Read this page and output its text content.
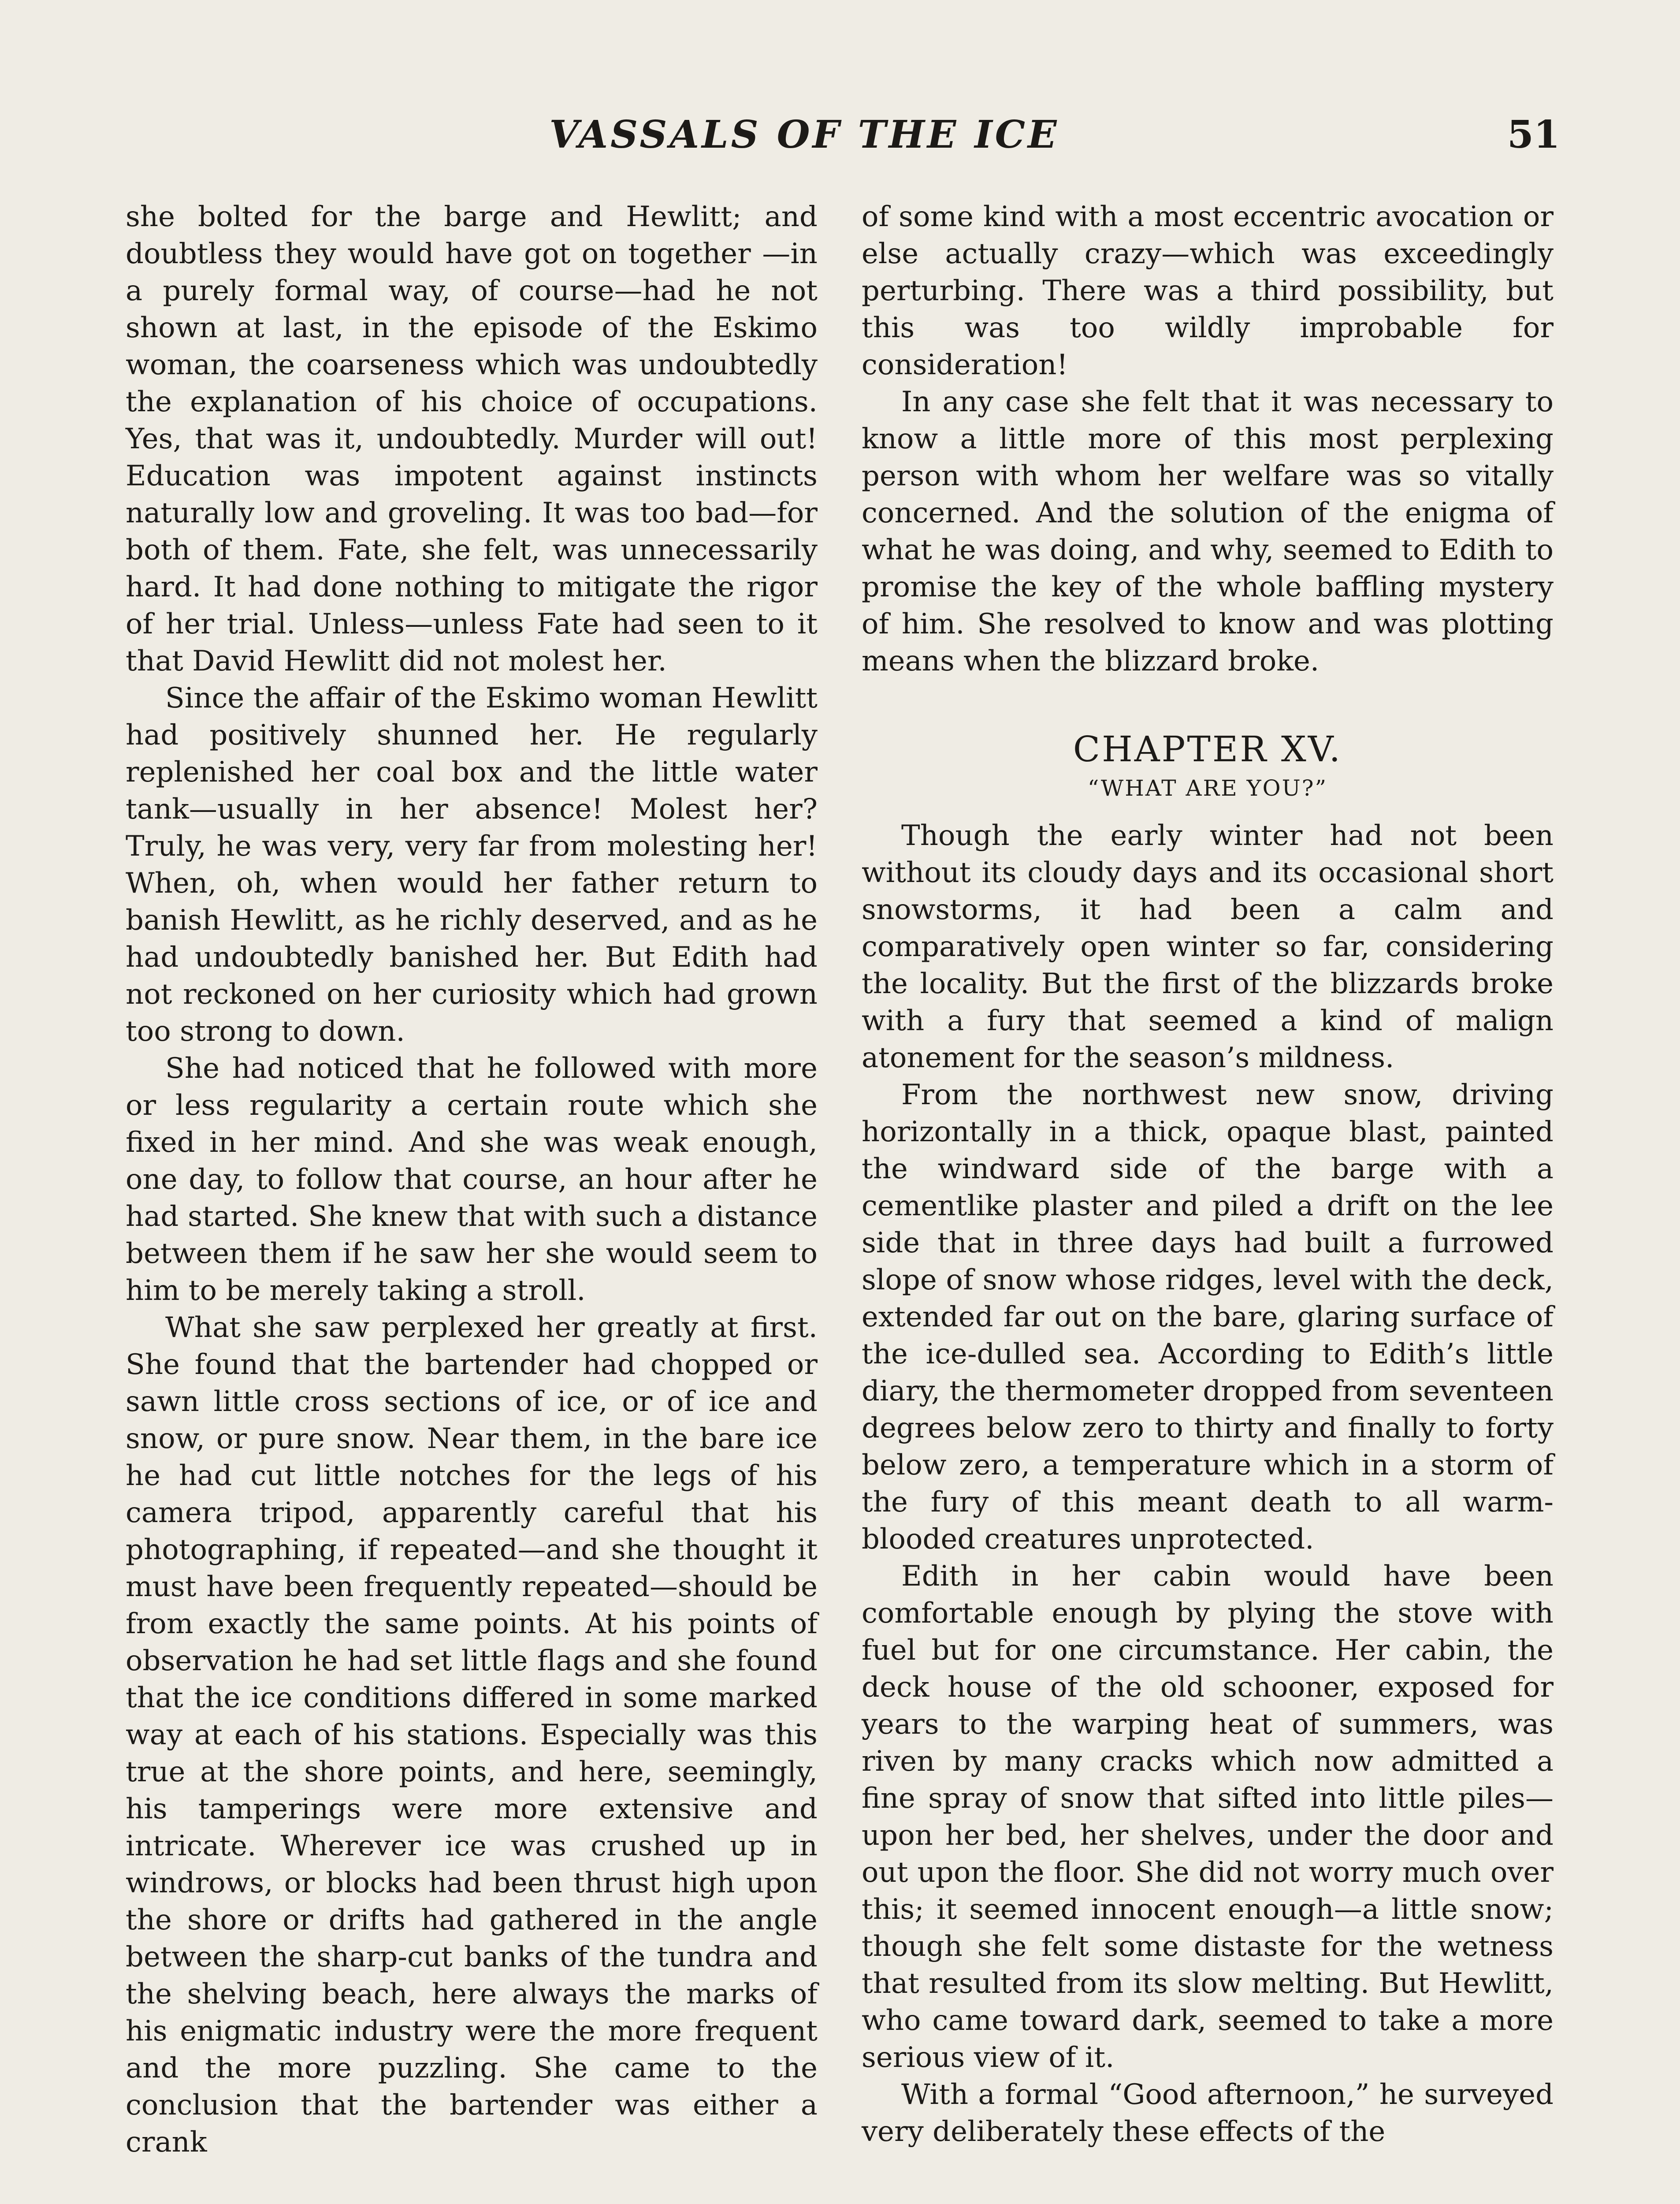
VASSALS OF THE ICE	51

she bolted for the barge and Hewlitt; and doubtless they would have got on together —in a purely formal way, of course—had he not shown at last, in the episode of the Eskimo woman, the coarseness which was undoubtedly the explanation of his choice of occupations. Yes, that was it, undoubtedly. Murder will out! Education was impotent against instincts naturally low and groveling. It was too bad—for both of them. Fate, she felt, was unnecessarily hard. It had done nothing to mitigate the rigor of her trial. Unless—unless Fate had seen to it that David Hewlitt did not molest her.

Since the affair of the Eskimo woman Hewlitt had positively shunned her. He regularly replenished her coal box and the little water tank—usually in her absence! Molest her? Truly, he was very, very far from molesting her! When, oh, when would her father return to banish Hewlitt, as he richly deserved, and as he had undoubtedly banished her. But Edith had not reckoned on her curiosity which had grown too strong to down.

She had noticed that he followed with more or less regularity a certain route which she fixed in her mind. And she was weak enough, one day, to follow that course, an hour after he had started. She knew that with such a distance between them if he saw her she would seem to him to be merely taking a stroll.

What she saw perplexed her greatly at first. She found that the bartender had chopped or sawn little cross sections of ice, or of ice and snow, or pure snow. Near them, in the bare ice he had cut little notches for the legs of his camera tripod, apparently careful that his photographing, if repeated—and she thought it must have been frequently repeated—should be from exactly the same points. At his points of observation he had set little flags and she found that the ice conditions differed in some marked way at each of his stations. Especially was this true at the shore points, and here, seemingly, his tamperings were more extensive and intricate. Wherever ice was crushed up in windrows, or blocks had been thrust high upon the shore or drifts had gathered in the angle between the sharp-cut banks of the tundra and the shelving beach, here always the marks of his enigmatic industry were the more frequent and the more puzzling. She came to the conclusion that the bartender was either a crank

of some kind with a most eccentric avocation or else actually crazy—which was exceedingly perturbing. There was a third possibility, but this was too wildly improbable for consideration!

In any case she felt that it was necessary to know a little more of this most perplexing person with whom her welfare was so vitally concerned. And the solution of the enigma of what he was doing, and why, seemed to Edith to promise the key of the whole baffling mystery of him. She resolved to know and was plotting means when the blizzard broke.

CHAPTER XV.
“WHAT ARE YOU?”

Though the early winter had not been without its cloudy days and its occasional short snowstorms, it had been a calm and comparatively open winter so far, considering the locality. But the first of the blizzards broke with a fury that seemed a kind of malign atonement for the season’s mildness.

From the northwest new snow, driving horizontally in a thick, opaque blast, painted the windward side of the barge with a cementlike plaster and piled a drift on the lee side that in three days had built a furrowed slope of snow whose ridges, level with the deck, extended far out on the bare, glaring surface of the ice-dulled sea. According to Edith’s little diary, the thermometer dropped from seventeen degrees below zero to thirty and finally to forty below zero, a temperature which in a storm of the fury of this meant death to all warm-blooded creatures unprotected.

Edith in her cabin would have been comfortable enough by plying the stove with fuel but for one circumstance. Her cabin, the deck house of the old schooner, exposed for years to the warping heat of summers, was riven by many cracks which now admitted a fine spray of snow that sifted into little piles—upon her bed, her shelves, under the door and out upon the floor. She did not worry much over this; it seemed innocent enough—a little snow; though she felt some distaste for the wetness that resulted from its slow melting. But Hewlitt, who came toward dark, seemed to take a more serious view of it.

With a formal “Good afternoon,” he surveyed very deliberately these effects of the
